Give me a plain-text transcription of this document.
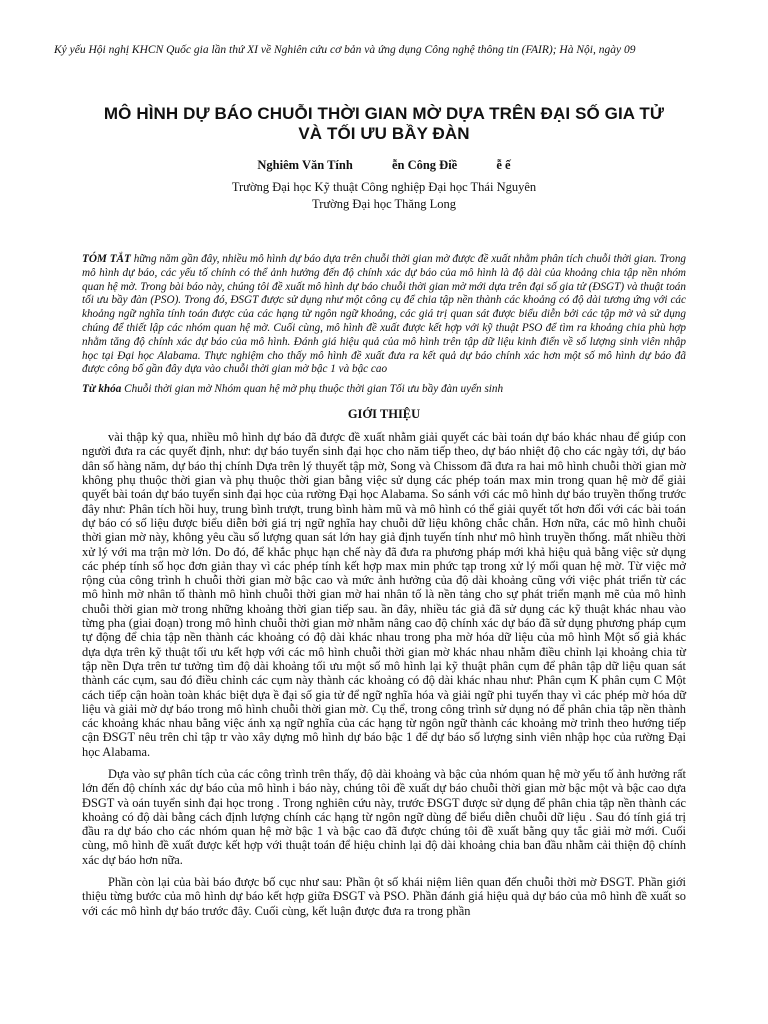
Kỷ yếu Hội nghị KHCN Quốc gia lần thứ XI về Nghiên cứu cơ bản và ứng dụng Công nghệ thông tin (FAIR); Hà Nội, ngày 09
MÔ HÌNH DỰ BÁO CHUỖI THỜI GIAN MỜ DỰA TRÊN ĐẠI SỐ GIA TỬ
VÀ TỐI ƯU BẦY ĐÀN
Nghiêm Văn Tính	ễn Công Điề	ễ ế
Trường Đại học Kỹ thuật Công nghiệp Đại học Thái Nguyên
Trường Đại học Thăng Long
TÓM TẮT hững năm gần đây, nhiều mô hình dự báo dựa trên chuỗi thời gian mờ được đề xuất nhằm phân tích chuỗi thời gian. Trong mô hình dự báo, các yếu tố chính có thể ảnh hưởng đến độ chính xác dự báo của mô hình là độ dài của khoảng chia tập nền nhóm quan hệ mờ. Trong bài báo này, chúng tôi đề xuất mô hình dự báo chuỗi thời gian mờ mới dựa trên đại số gia tử (ĐSGT) và thuật toán tối ưu bầy đàn (PSO). Trong đó, ĐSGT được sử dụng như một công cụ để chia tập nền thành các khoảng có độ dài tương ứng với các khoảng ngữ nghĩa tính toán được của các hạng từ ngôn ngữ khoảng, các giá trị quan sát được biểu diễn bởi các tập mờ và sử dụng chúng để thiết lập các nhóm quan hệ mờ. Cuối cùng, mô hình đề xuất được kết hợp với kỹ thuật PSO để tìm ra khoảng chia phù hợp nhằm tăng độ chính xác dự báo của mô hình. Đánh giá hiệu quả của mô hình trên tập dữ liệu kinh điển về số lượng sinh viên nhập học tại Đại học Alabama. Thực nghiệm cho thấy mô hình đề xuất đưa ra kết quả dự báo chính xác hơn một số mô hình dự báo đã được công bố gần đây dựa vào chuỗi thời gian mờ bậc 1 và bậc cao
Từ khóa Chuỗi thời gian mờ Nhóm quan hệ mờ phụ thuộc thời gian Tối ưu bầy đàn uyển sinh
GIỚI THIỆU

vài thập kỷ qua, nhiều mô hình dự báo đã được đề xuất nhằm giải quyết các bài toán dự báo khác nhau để giúp con người đưa ra các quyết định, như: dự báo tuyển sinh đại học cho năm tiếp theo, dự báo nhiệt độ cho các ngày tới, dự báo dân số hàng năm, dự báo thị chính Dựa trên lý thuyết tập mờ, Song và Chissom đã đưa ra hai mô hình chuỗi thời gian mờ không phụ thuộc thời gian và phụ thuộc thời gian bằng việc sử dụng các phép toán max min trong quan hệ mờ để giải quyết bài toán dự báo tuyển sinh đại học của rường Đại học Alabama. So sánh với các mô hình dự báo truyền thống trước đây như: Phân tích hồi huy, trung bình trượt, trung bình hàm mũ và mô hình có thể giải quyết tốt hơn đối với các bài toán dự báo có số liệu được biểu diễn bởi giá trị ngữ nghĩa hay chuỗi dữ liệu không chắc chắn. Hơn nữa, các mô hình chuỗi thời gian mờ này, không yêu cầu số lượng quan sát lớn hay giả định tuyến tính như mô hình truyền thống. mất nhiều thời xử lý với ma trận mờ lớn. Do đó, để khắc phục hạn chế này đã đưa ra phương pháp mới khả hiệu quả bằng việc sử dụng các phép tính số học đơn giản thay vì các phép tính kết hợp max min phức tạp trong xử lý mối quan hệ mờ. Từ việc mở rộng của công trình h chuỗi thời gian mờ bậc cao và mức ảnh hưởng của độ dài khoảng cũng với việc phát triển từ các mô hình mờ nhân tố thành mô hình chuỗi thời gian mờ hai nhân tố là nền tảng cho sự phát triển mạnh mẽ của mô hình chuỗi thời gian mờ trong những khoảng thời gian tiếp sau. ần đây, nhiều tác giả đã sử dụng các kỹ thuật khác nhau vào từng pha (giai đoạn) trong mô hình chuỗi thời gian mờ nhằm nâng cao độ chính xác dự báo đã sử dụng phương pháp cụm tự động để chia tập nền thành các khoảng có độ dài khác nhau trong pha mờ hóa dữ liệu của mô hình Một số giả khác dựa dựa trên kỹ thuật tối ưu kết hợp với các mô hình chuỗi thời gian mờ khác nhau nhằm điều chỉnh lại khoảng chia từ tập nền Dựa trên tư tưởng tìm độ dài khoảng tối ưu một số mô hình lại kỹ thuật phân cụm để phân tập dữ liệu quan sát thành các cụm, sau đó điều chỉnh các cụm này thành các khoảng có độ dài khác nhau như: Phân cụm K phân cụm C Một cách tiếp cận hoàn toàn khác biệt dựa ề đại số gia tử để ngữ nghĩa hóa và giải ngữ phi tuyến thay vì các phép mờ hóa dữ liệu và giải mờ dự báo trong mô hình chuỗi thời gian mờ. Cụ thể, trong công trình sử dụng nó để phân chia tập nền thành các khoảng khác nhau bằng việc ánh xạ ngữ nghĩa của các hạng từ ngôn ngữ thành các khoảng mờ trình theo hướng tiếp cận ĐSGT nêu trên chỉ tập tr vào xây dựng mô hình dự báo bậc 1 để dự báo số lượng sinh viên nhập học của rường Đại học Alabama.

Dựa vào sự phân tích của các công trình trên thấy, độ dài khoảng và bậc của nhóm quan hệ mờ yếu tố ảnh hưởng rất lớn đến độ chính xác dự báo của mô hình i báo này, chúng tôi đề xuất dự báo chuỗi thời gian mờ bậc một và bậc cao dựa ĐSGT và oán tuyển sinh đại học trong . Trong nghiên cứu này, trước ĐSGT được sử dụng để phân chia tập nền thành các khoảng có độ dài bằng cách định lượng chính các hạng từ ngôn ngữ dùng để biểu diễn chuỗi dữ liệu . Sau đó tính giá trị đầu ra dự báo cho các nhóm quan hệ mờ bậc 1 và bậc cao đã được chúng tôi đề xuất bằng quy tắc giải mờ mới. Cuối cùng, mô hình đề xuất được kết hợp với thuật toán để hiệu chỉnh lại độ dài khoảng chia ban đầu nhằm cải thiện độ chính xác dự báo hơn nữa.

Phần còn lại của bài báo được bố cục như sau: Phần ột số khái niệm liên quan đến chuỗi thời mờ ĐSGT. Phần giới thiệu từng bước của mô hình dự báo kết hợp giữa ĐSGT và PSO. Phần đánh giá hiệu quả dự báo của mô hình đề xuất so với các mô hình dự báo trước đây. Cuối cùng, kết luận được đưa ra trong phần
